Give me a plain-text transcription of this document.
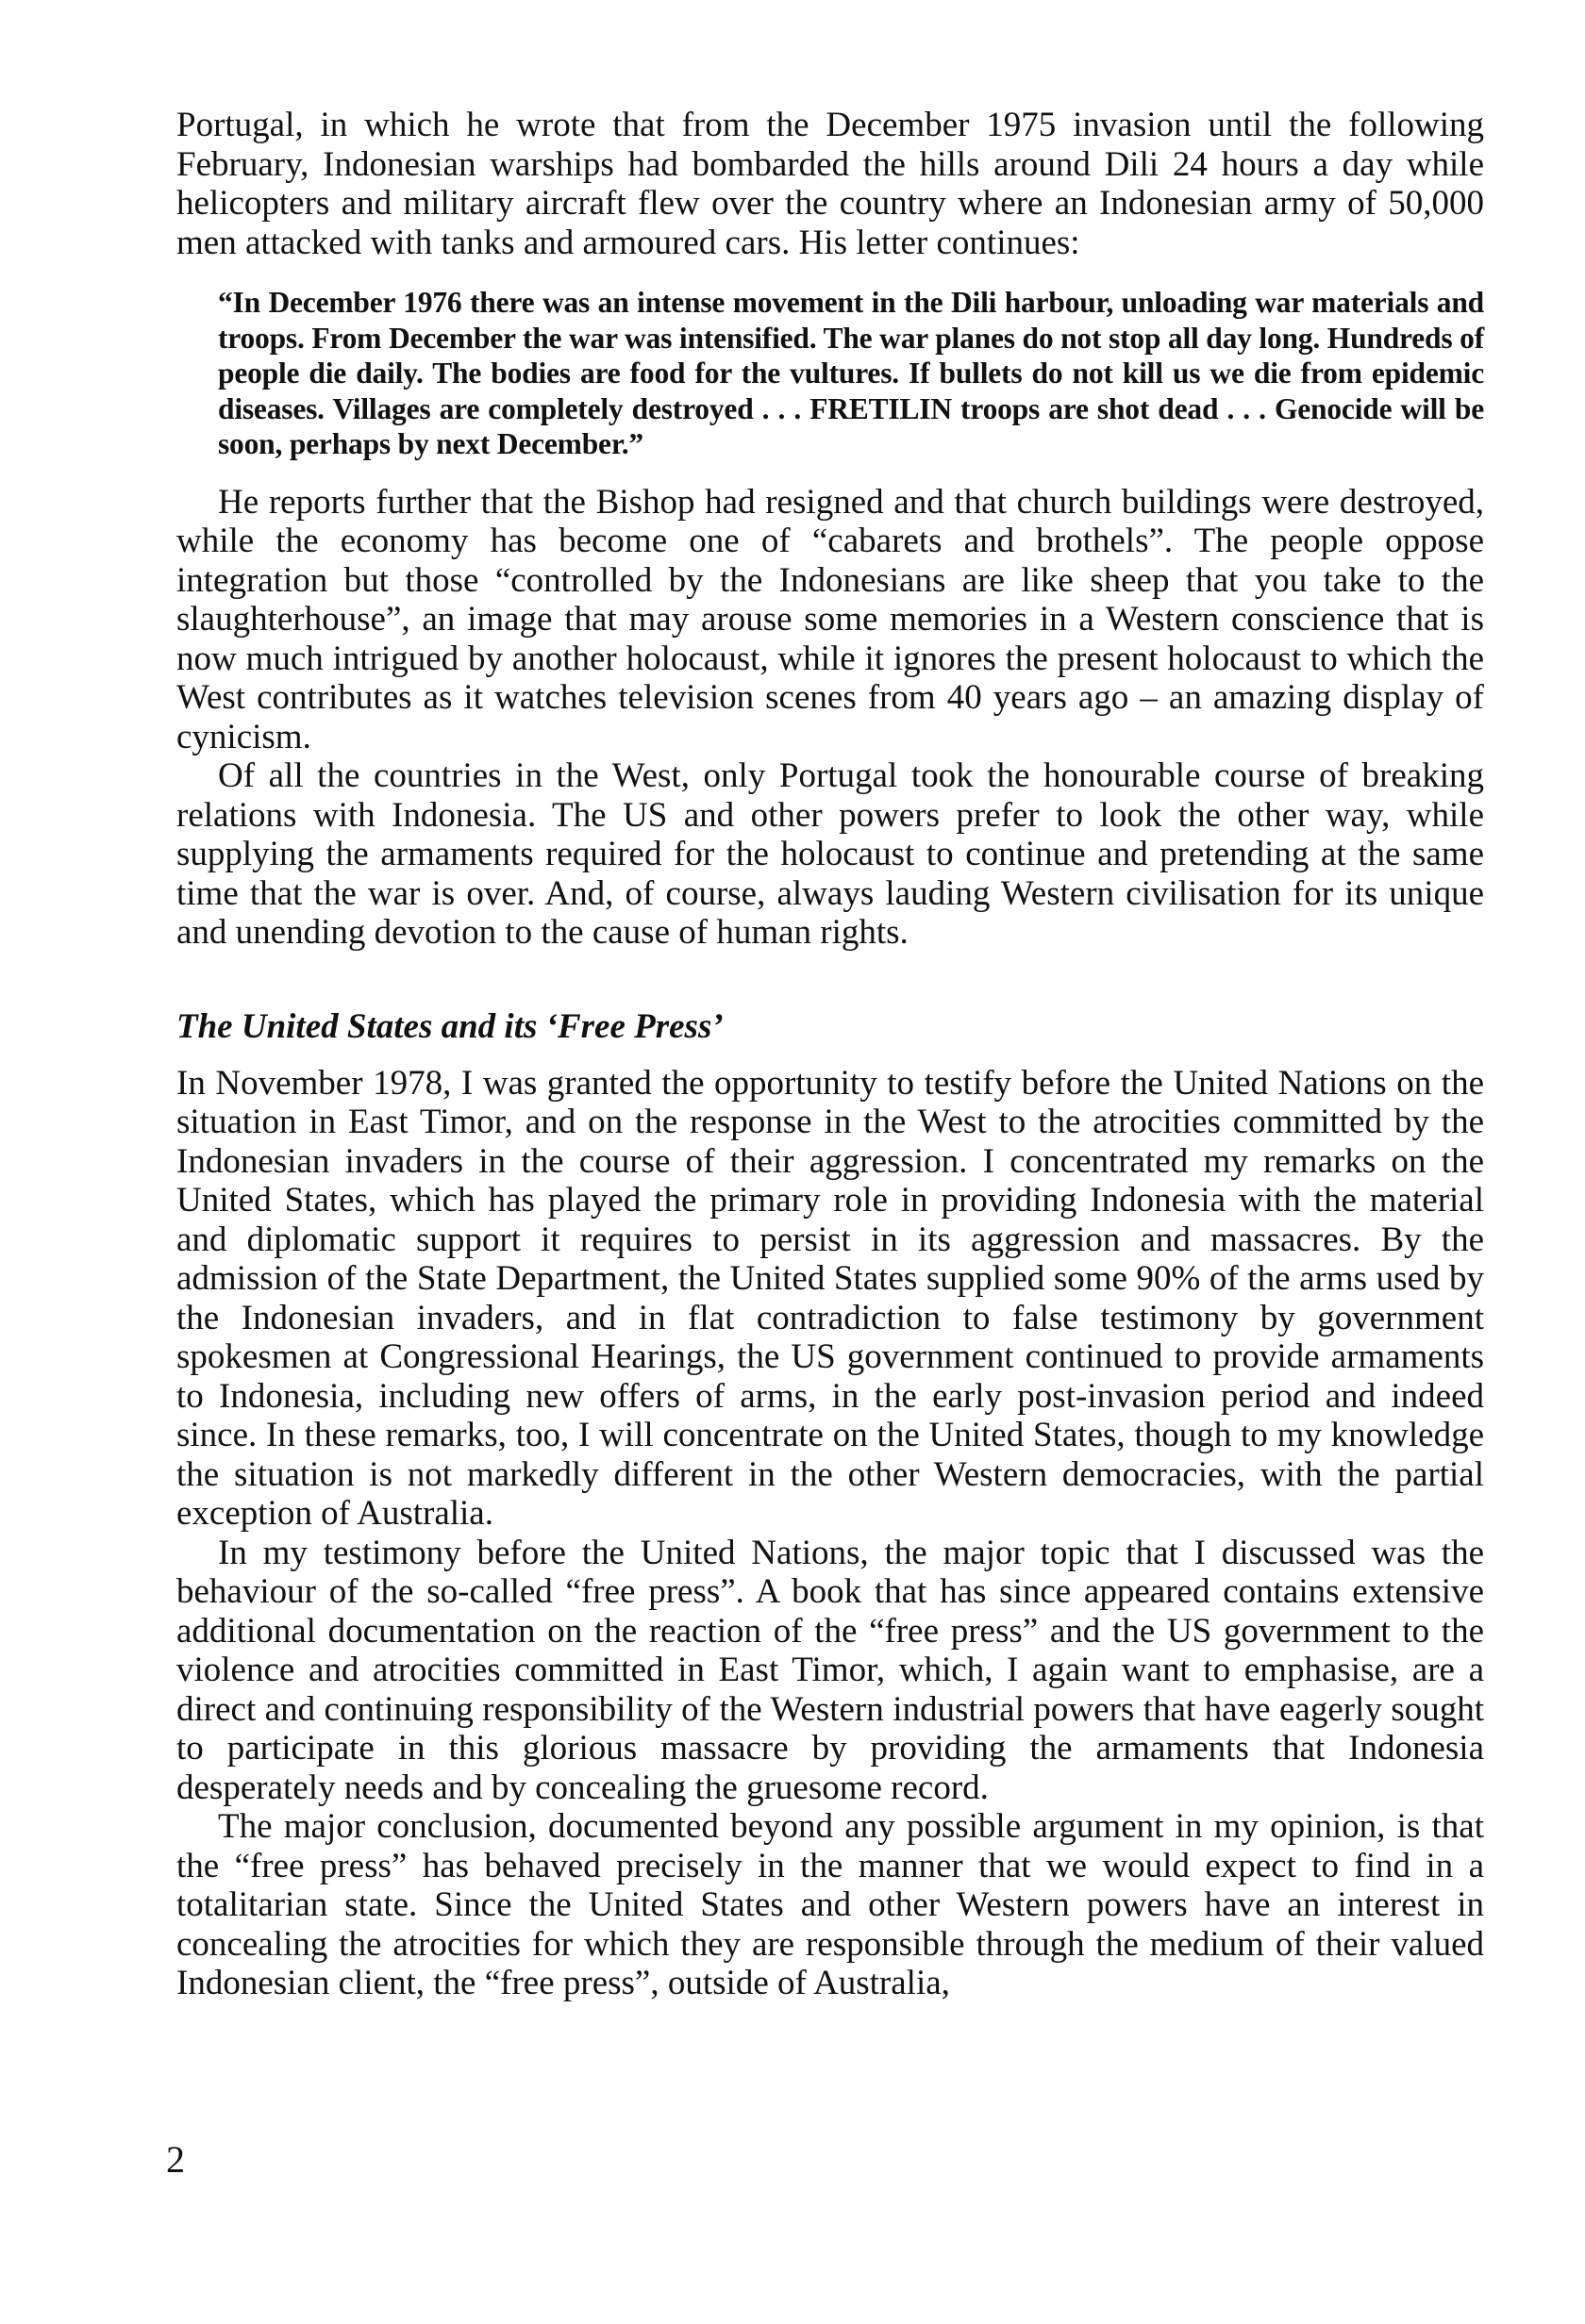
Portugal, in which he wrote that from the December 1975 invasion until the following February, Indonesian warships had bombarded the hills around Dili 24 hours a day while helicopters and military aircraft flew over the country where an Indonesian army of 50,000 men attacked with tanks and armoured cars. His letter continues:

“In December 1976 there was an intense movement in the Dili harbour, unloading war materials and troops. From December the war was intensified. The war planes do not stop all day long. Hundreds of people die daily. The bodies are food for the vultures. If bullets do not kill us we die from epidemic diseases. Villages are completely destroyed . . . FRETILIN troops are shot dead . . . Genocide will be soon, perhaps by next December.”

He reports further that the Bishop had resigned and that church buildings were destroyed, while the economy has become one of “cabarets and brothels”. The people oppose integration but those “controlled by the Indonesians are like sheep that you take to the slaughterhouse”, an image that may arouse some memories in a Western conscience that is now much intrigued by another holocaust, while it ignores the present holocaust to which the West contributes as it watches television scenes from 40 years ago – an amazing display of cynicism.

Of all the countries in the West, only Portugal took the honourable course of breaking relations with Indonesia. The US and other powers prefer to look the other way, while supplying the armaments required for the holocaust to continue and pretending at the same time that the war is over. And, of course, always lauding Western civilisation for its unique and unending devotion to the cause of human rights.

The United States and its ‘Free Press’

In November 1978, I was granted the opportunity to testify before the United Nations on the situation in East Timor, and on the response in the West to the atrocities committed by the Indonesian invaders in the course of their aggression. I concentrated my remarks on the United States, which has played the primary role in providing Indonesia with the material and diplomatic support it requires to persist in its aggression and massacres. By the admission of the State Department, the United States supplied some 90% of the arms used by the Indonesian invaders, and in flat contradiction to false testimony by government spokesmen at Congressional Hearings, the US government continued to provide armaments to Indonesia, including new offers of arms, in the early post-invasion period and indeed since. In these remarks, too, I will concentrate on the United States, though to my knowledge the situation is not markedly different in the other Western democracies, with the partial exception of Australia.

In my testimony before the United Nations, the major topic that I discussed was the behaviour of the so-called “free press”. A book that has since appeared contains extensive additional documentation on the reaction of the “free press” and the US government to the violence and atrocities committed in East Timor, which, I again want to emphasise, are a direct and continuing responsibility of the Western industrial powers that have eagerly sought to participate in this glorious massacre by providing the armaments that Indonesia desperately needs and by concealing the gruesome record.

The major conclusion, documented beyond any possible argument in my opinion, is that the “free press” has behaved precisely in the manner that we would expect to find in a totalitarian state. Since the United States and other Western powers have an interest in concealing the atrocities for which they are responsible through the medium of their valued Indonesian client, the “free press”, outside of Australia,

2
